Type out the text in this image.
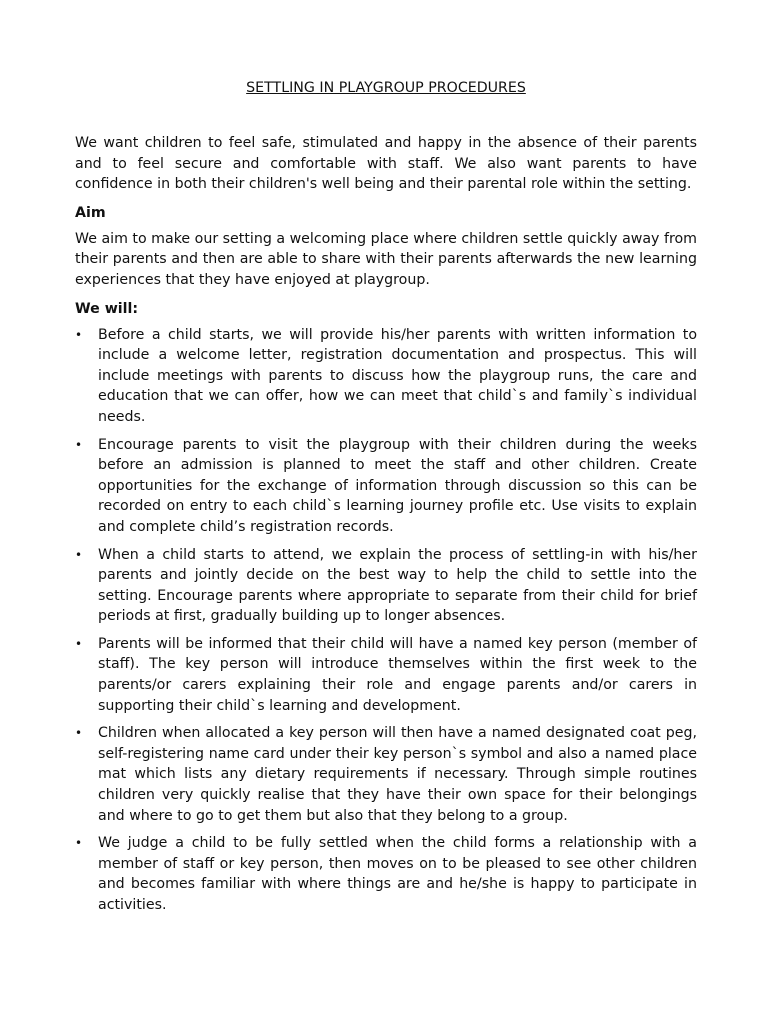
SETTLING IN PLAYGROUP PROCEDURES

We want children to feel safe, stimulated and happy in the absence of their parents and to feel secure and comfortable with staff. We also want parents to have confidence in both their children's well being and their parental role within the setting.

Aim

We aim to make our setting a welcoming place where children settle quickly away from their parents and then are able to share with their parents afterwards the new learning experiences that they have enjoyed at playgroup.

We will:
•	Before a child starts, we will provide his/her parents with written information to include a welcome letter, registration documentation and prospectus. This will include meetings with parents to discuss how the playgroup runs, the care and education that we can offer, how we can meet that child`s and family`s individual needs.
•	Encourage parents to visit the playgroup with their children during the weeks before an admission is planned to meet the staff and other children. Create opportunities for the exchange of information through discussion so this can be recorded on entry to each child`s learning journey profile etc. Use visits to explain and complete child’s registration records.
•	When a child starts to attend, we explain the process of settling-in with his/her parents and jointly decide on the best way to help the child to settle into the setting. Encourage parents where appropriate to separate from their child for brief periods at first, gradually building up to longer absences.
•	Parents will be informed that their child will have a named key person (member of staff). The key person will introduce themselves within the first week to the parents/or carers explaining their role and engage parents and/or carers in supporting their child`s learning and development.
•	Children when allocated a key person will then have a named designated coat peg, self-registering name card under their key person`s symbol and also a named place mat which lists any dietary requirements if necessary. Through simple routines children very quickly realise that they have their own space for their belongings and where to go to get them but also that they belong to a group.
•	We judge a child to be fully settled when the child forms a relationship with a member of staff or key person, then moves on to be pleased to see other children and becomes familiar with where things are and he/she is happy to participate in activities.
